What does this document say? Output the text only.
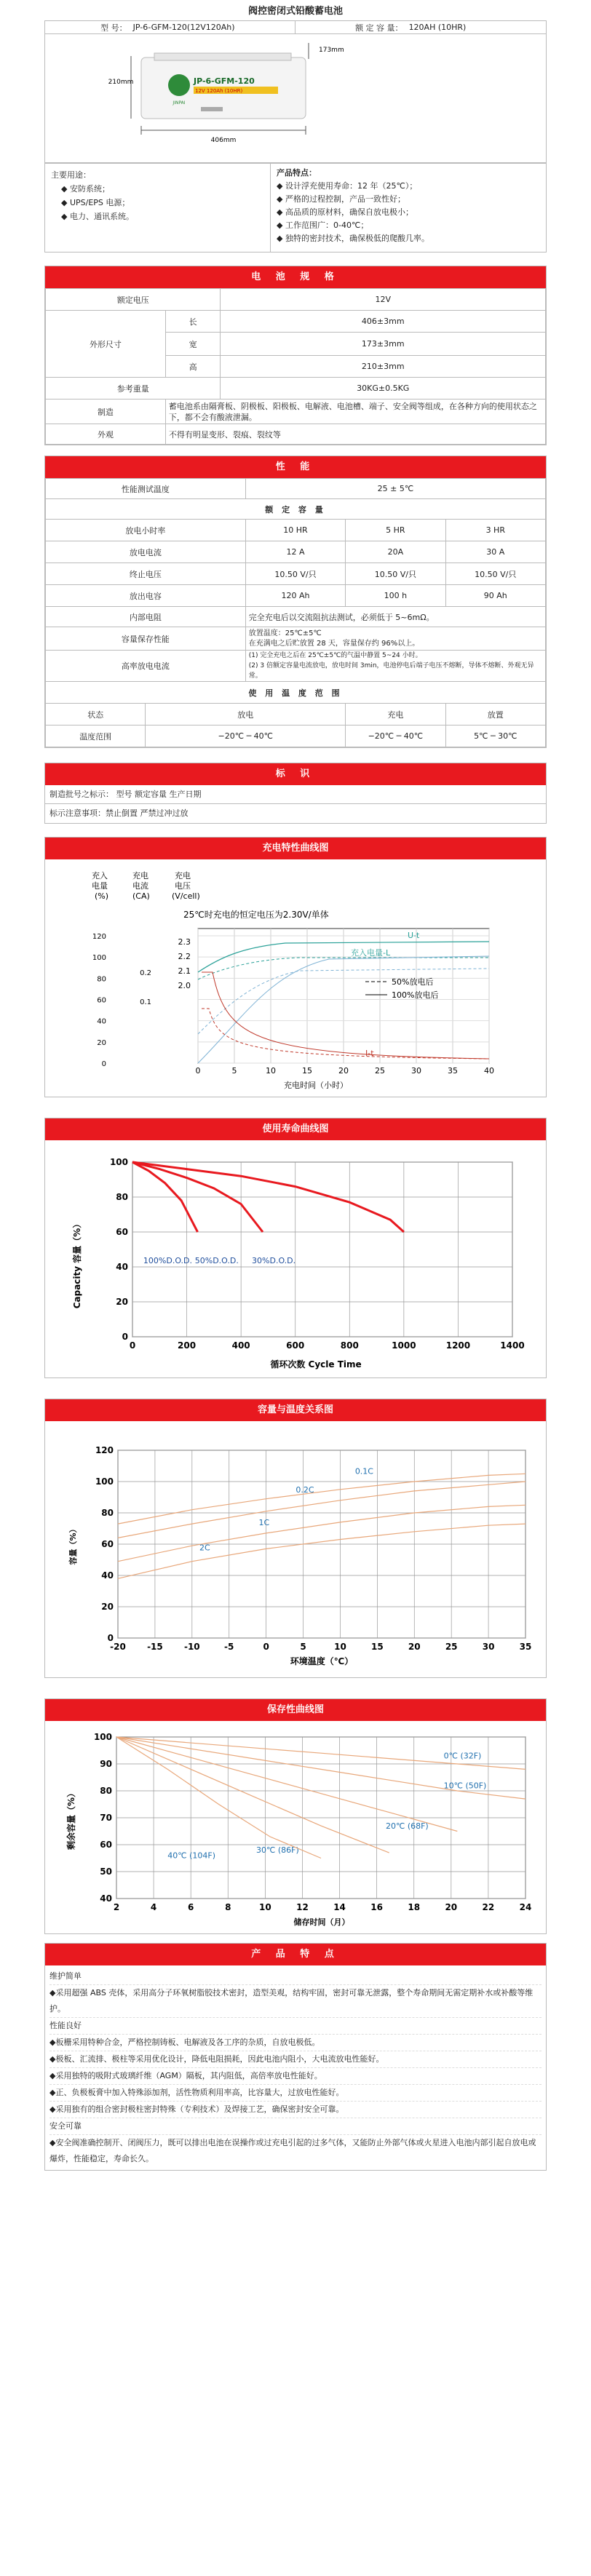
阀控密闭式铅酸蓄电池
型 号：	JP-6-GFM-120(12V120Ah)	额 定 容 量：	120AH (10HR)
JINPAI
JP-6-GFM-120
12V 120Ah (10HR)
406mm
210mm
173mm
主要用途：
◆ 安防系统；
◆ UPS/EPS 电源；
◆ 电力、通讯系统。

产品特点：
◆ 设计浮充使用寿命：12 年（25℃）；
◆ 严格的过程控制，产品一致性好；
◆ 高品质的原材料，确保自放电极小；
◆ 工作范围广：0-40℃；
◆ 独特的密封技术，确保极低的爬酸几率。
电 池 规 格
额定电压		12V
外形尺寸	长	406±3mm
	宽	173±3mm
	高	210±3mm
参考重量		30KG±0.5KG
制造	蓄电池系由隔膏板、阴极板、阳极板、电解液、电池槽、端子、安全阀等组成，在各种方向的使用状态之下，都不会有酸液泄漏。	
外观	不得有明显变形、裂痕、裂纹等	
性 能
性能测试温度		25 ± 5℃		
额 定 容 量				
放电小时率		10 HR	5 HR	3 HR
放电电流		12 A	20A	30 A
终止电压		10.50 V/只	10.50 V/只	10.50 V/只
放出电容		120 Ah	100 h	90 Ah
内部电阻		完全充电后以交流阻抗法测试，必须低于 5~6mΩ。		
容量保存性能		放置温度：25℃±5℃
在充满电之后贮放置 28 天，容量保存约 96%以上。		
高率放电电流		(1) 完全充电之后在 25℃±5℃的气温中静置 5~24 小时。
(2) 3 倍额定容量电流放电，放电时间 3min，电池停电后端子电压不熔断，导体不熔断、外观无异常。		
使 用 温 度 范 围				
状态	放电		充电	放置
温度范围	−20℃ ─ 40℃		−20℃ ─ 40℃	5℃ ─ 30℃
标 识
制造批号之标示： 型号 额定容量 生产日期
标示注意事项：禁止倒置 严禁过冲过放
充电特性曲线图
充入
电量
(%)
充电
电流
(CA)
充电
电压
(V/cell)
25℃时充电的恒定电压为2.30V/单体
0	5	10	15	20	25	30	35	40
120
100
80
60
40
20
0
2.3
2.2
2.1
2.0
0.2
0.1
U-t
充入电量-L
I-t
50%放电后
100%放电后
充电时间（小时）
使用寿命曲线图
Capacity 容量（%）
循环次数 Cycle Time
0	200	400	600	800	1000	1200	1400
100
80
60
40
20
0
100%D.O.D. 50%D.O.D. 30%D.O.D.
容量与温度关系图
容量（%）
环境温度（℃）
-20 -15 -10	-5	0	5	10	15	20	25	30	35
120
100
80
60
40
20
0
0.1C
0.2C
1C
2C
保存性曲线图
剩余容量（%）
储存时间（月）
2	4	6	8	10	12	14	16	18	20	22	24
100
90
80
70
60
50
40
0℃ (32F)
10℃ (50F)
20℃ (68F)
30℃ (86F)
40℃ (104F)
产 品 特 点
维护简单
◆采用超强 ABS 壳体，采用高分子环氧树脂胶技术密封，造型美观，结构牢固，密封可靠无泄露，整个寿命期间无需定期补水或补酸等维护。
性能良好
◆板栅采用特种合金，严格控制铸板、电解液及各工序的杂质，自放电极低。
◆极板、汇流排、极柱等采用优化设计，降低电阻损耗，因此电池内阻小，大电流放电性能好。
◆采用独特的吸附式玻璃纤维（AGM）隔板，其内阻低，高倍率放电性能好。
◆正、负极板膏中加入特殊添加剂，活性物质利用率高，比容量大，过放电性能好。
◆采用独有的组合密封极柱密封特殊（专利技术）及焊接工艺，确保密封安全可靠。
安全可靠
◆安全阀准确控制开、闭阀压力，既可以排出电池在误操作或过充电引起的过多气体，又能防止外部气体或火星进入电池内部引起自放电或爆炸，性能稳定，寿命长久。
